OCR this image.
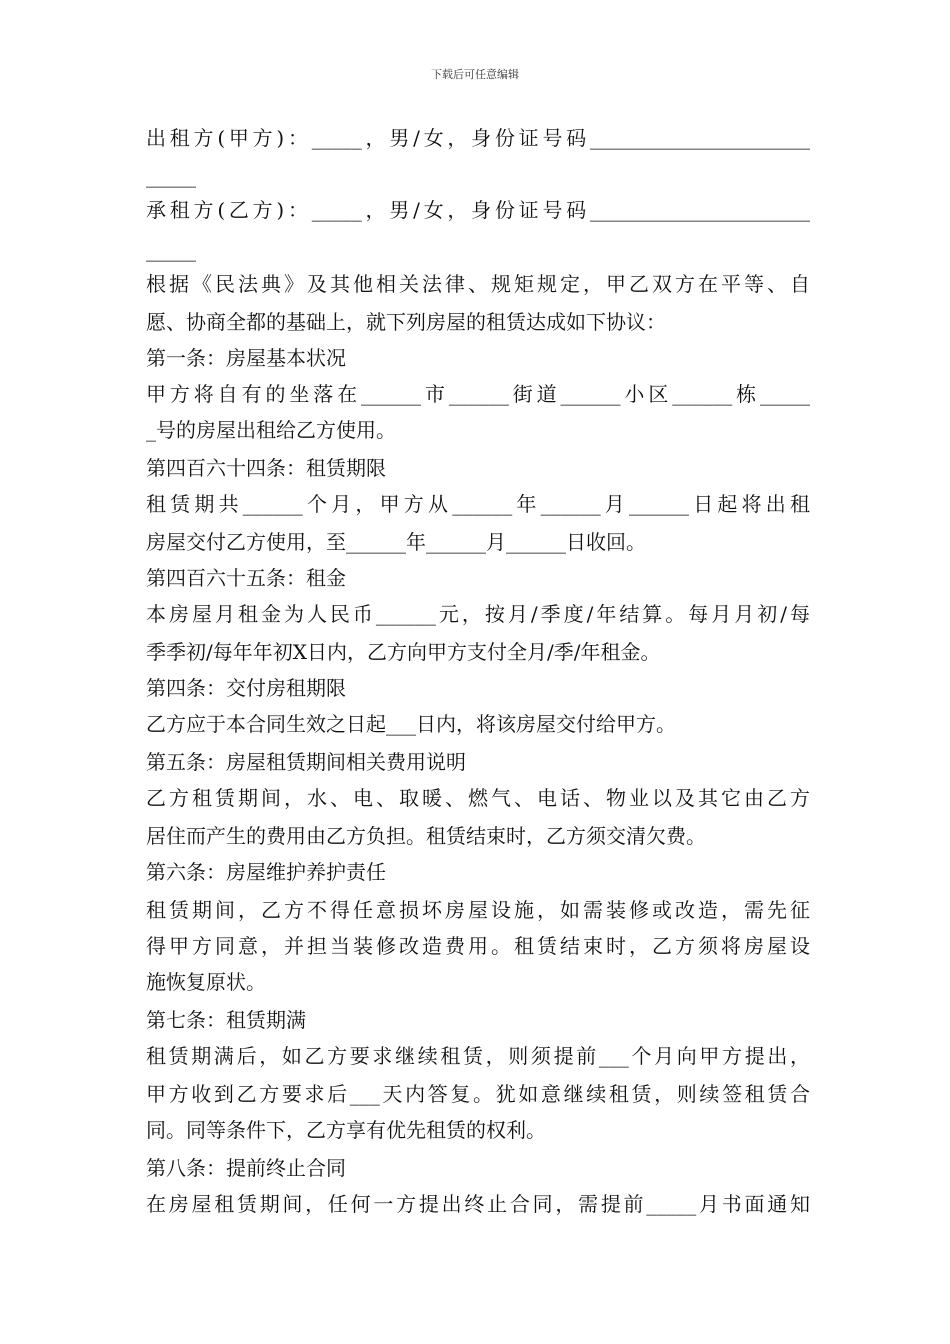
下载后可任意编辑
出租方(甲方)：_____，男/女，身份证号码______________________
_____
承租方(乙方)：_____，男/女，身份证号码______________________
_____
根据《民法典》及其他相关法律、规矩规定，甲乙双方在平等、自
愿、协商全都的基础上，就下列房屋的租赁达成如下协议：
第一条：房屋基本状况
甲方将自有的坐落在______市______街道______小区______栋_____
_号的房屋出租给乙方使用。
第四百六十四条：租赁期限
租赁期共______个月，甲方从______年______月______日起将出租
房屋交付乙方使用，至______年______月______日收回。
第四百六十五条：租金
本房屋月租金为人民币______元，按月/季度/年结算。每月月初/每
季季初/每年年初X日内，乙方向甲方支付全月/季/年租金。
第四条：交付房租期限
乙方应于本合同生效之日起___日内，将该房屋交付给甲方。
第五条：房屋租赁期间相关费用说明
乙方租赁期间，水、电、取暖、燃气、电话、物业以及其它由乙方
居住而产生的费用由乙方负担。租赁结束时，乙方须交清欠费。
第六条：房屋维护养护责任
租赁期间，乙方不得任意损坏房屋设施，如需装修或改造，需先征
得甲方同意，并担当装修改造费用。租赁结束时，乙方须将房屋设
施恢复原状。
第七条：租赁期满
租赁期满后，如乙方要求继续租赁，则须提前___个月向甲方提出，
甲方收到乙方要求后___天内答复。犹如意继续租赁，则续签租赁合
同。同等条件下，乙方享有优先租赁的权利。
第八条：提前终止合同
在房屋租赁期间，任何一方提出终止合同，需提前_____月书面通知
